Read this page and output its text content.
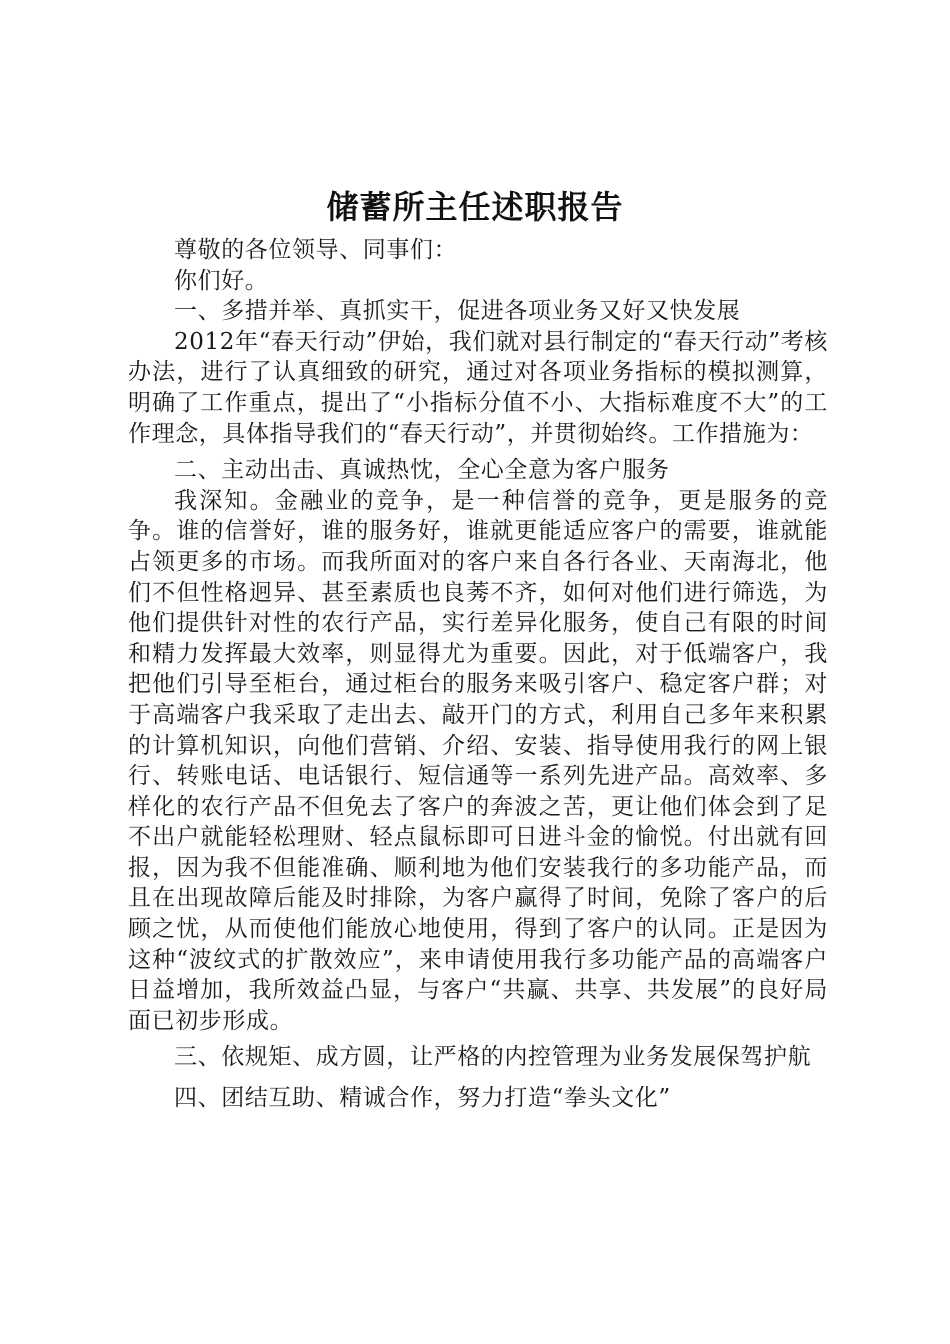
储蓄所主任述职报告

尊敬的各位领导、同事们：

你们好。

一、多措并举、真抓实干，促进各项业务又好又快发展

2012年“春天行动”伊始，我们就对县行制定的“春天行动”考核办法，进行了认真细致的研究，通过对各项业务指标的模拟测算，明确了工作重点，提出了“小指标分值不小、大指标难度不大”的工作理念，具体指导我们的“春天行动”，并贯彻始终。工作措施为：

二、主动出击、真诚热忱，全心全意为客户服务

我深知。金融业的竞争，是一种信誉的竞争，更是服务的竞争。谁的信誉好，谁的服务好，谁就更能适应客户的需要，谁就能占领更多的市场。而我所面对的客户来自各行各业、天南海北，他们不但性格迥异、甚至素质也良莠不齐，如何对他们进行筛选，为他们提供针对性的农行产品，实行差异化服务，使自己有限的时间和精力发挥最大效率，则显得尤为重要。因此，对于低端客户，我把他们引导至柜台，通过柜台的服务来吸引客户、稳定客户群；对于高端客户我采取了走出去、敲开门的方式，利用自己多年来积累的计算机知识，向他们营销、介绍、安装、指导使用我行的网上银行、转账电话、电话银行、短信通等一系列先进产品。高效率、多样化的农行产品不但免去了客户的奔波之苦，更让他们体会到了足不出户就能轻松理财、轻点鼠标即可日进斗金的愉悦。付出就有回报，因为我不但能准确、顺利地为他们安装我行的多功能产品，而且在出现故障后能及时排除，为客户赢得了时间，免除了客户的后顾之忧，从而使他们能放心地使用，得到了客户的认同。正是因为这种“波纹式的扩散效应”，来申请使用我行多功能产品的高端客户日益增加，我所效益凸显，与客户“共赢、共享、共发展”的良好局面已初步形成。

三、依规矩、成方圆，让严格的内控管理为业务发展保驾护航

四、团结互助、精诚合作，努力打造“拳头文化”
